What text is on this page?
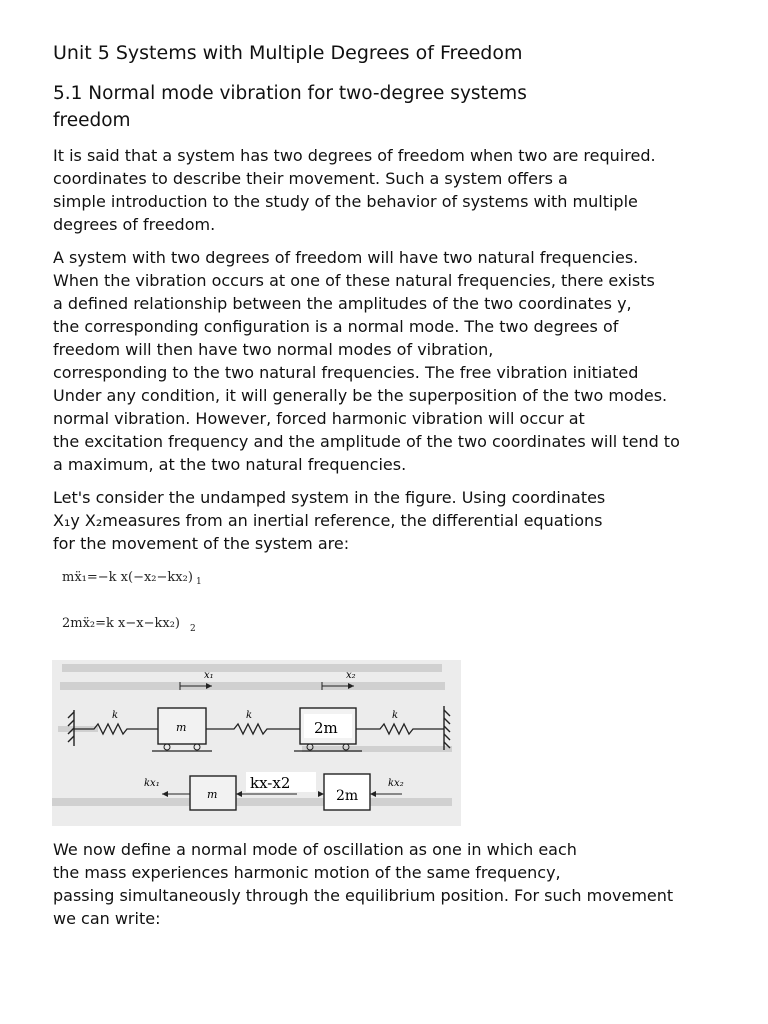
Unit 5 Systems with Multiple Degrees of Freedom
5.1 Normal mode vibration for two-degree systems
freedom
It is said that a system has two degrees of freedom when two are required.
coordinates to describe their movement. Such a system offers a
simple introduction to the study of the behavior of systems with multiple
degrees of freedom.
A system with two degrees of freedom will have two natural frequencies.
When the vibration occurs at one of these natural frequencies, there exists
a defined relationship between the amplitudes of the two coordinates y,
the corresponding configuration is a normal mode. The two degrees of
freedom will then have two normal modes of vibration,
corresponding to the two natural frequencies. The free vibration initiated
Under any condition, it will generally be the superposition of the two modes.
normal vibration. However, forced harmonic vibration will occur at
the excitation frequency and the amplitude of the two coordinates will tend to
a maximum, at the two natural frequencies.
Let's consider the undamped system in the figure. Using coordinates
X₁y X₂measures from an inertial reference, the differential equations
for the movement of the system are:
mẍ₁=−k x(−x₂−kx₂) 1
2mẍ₂=k x−x−kx₂) 2
k
m
x₁
k
2m
x₂
k
kx₁
m
kx-x2
2m
kx₂
We now define a normal mode of oscillation as one in which each
the mass experiences harmonic motion of the same frequency,
passing simultaneously through the equilibrium position. For such movement
we can write:
